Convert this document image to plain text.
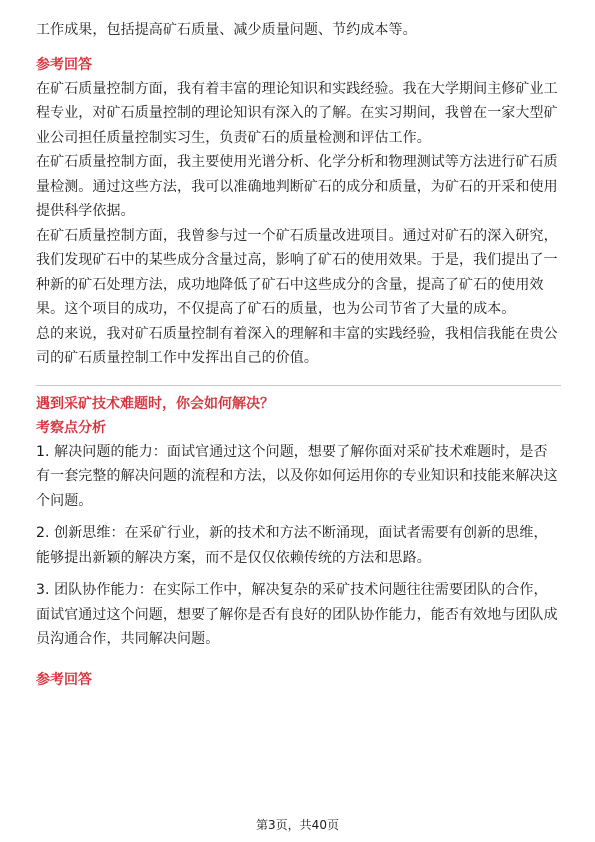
工作成果，包括提高矿石质量、减少质量问题、节约成本等。

参考回答

在矿石质量控制方面，我有着丰富的理论知识和实践经验。我在大学期间主修矿业工程专业，对矿石质量控制的理论知识有深入的了解。在实习期间，我曾在一家大型矿业公司担任质量控制实习生，负责矿石的质量检测和评估工作。

在矿石质量控制方面，我主要使用光谱分析、化学分析和物理测试等方法进行矿石质量检测。通过这些方法，我可以准确地判断矿石的成分和质量，为矿石的开采和使用提供科学依据。

在矿石质量控制方面，我曾参与过一个矿石质量改进项目。通过对矿石的深入研究，我们发现矿石中的某些成分含量过高，影响了矿石的使用效果。于是，我们提出了一种新的矿石处理方法，成功地降低了矿石中这些成分的含量，提高了矿石的使用效果。这个项目的成功，不仅提高了矿石的质量，也为公司节省了大量的成本。

总的来说，我对矿石质量控制有着深入的理解和丰富的实践经验，我相信我能在贵公司的矿石质量控制工作中发挥出自己的价值。

遇到采矿技术难题时，你会如何解决？

考察点分析

1. 解决问题的能力：面试官通过这个问题，想要了解你面对采矿技术难题时，是否有一套完整的解决问题的流程和方法，以及你如何运用你的专业知识和技能来解决这个问题。

2. 创新思维：在采矿行业，新的技术和方法不断涌现，面试者需要有创新的思维，能够提出新颖的解决方案，而不是仅仅依赖传统的方法和思路。

3. 团队协作能力：在实际工作中，解决复杂的采矿技术问题往往需要团队的合作，面试官通过这个问题，想要了解你是否有良好的团队协作能力，能否有效地与团队成员沟通合作，共同解决问题。

参考回答

第3页，共40页
